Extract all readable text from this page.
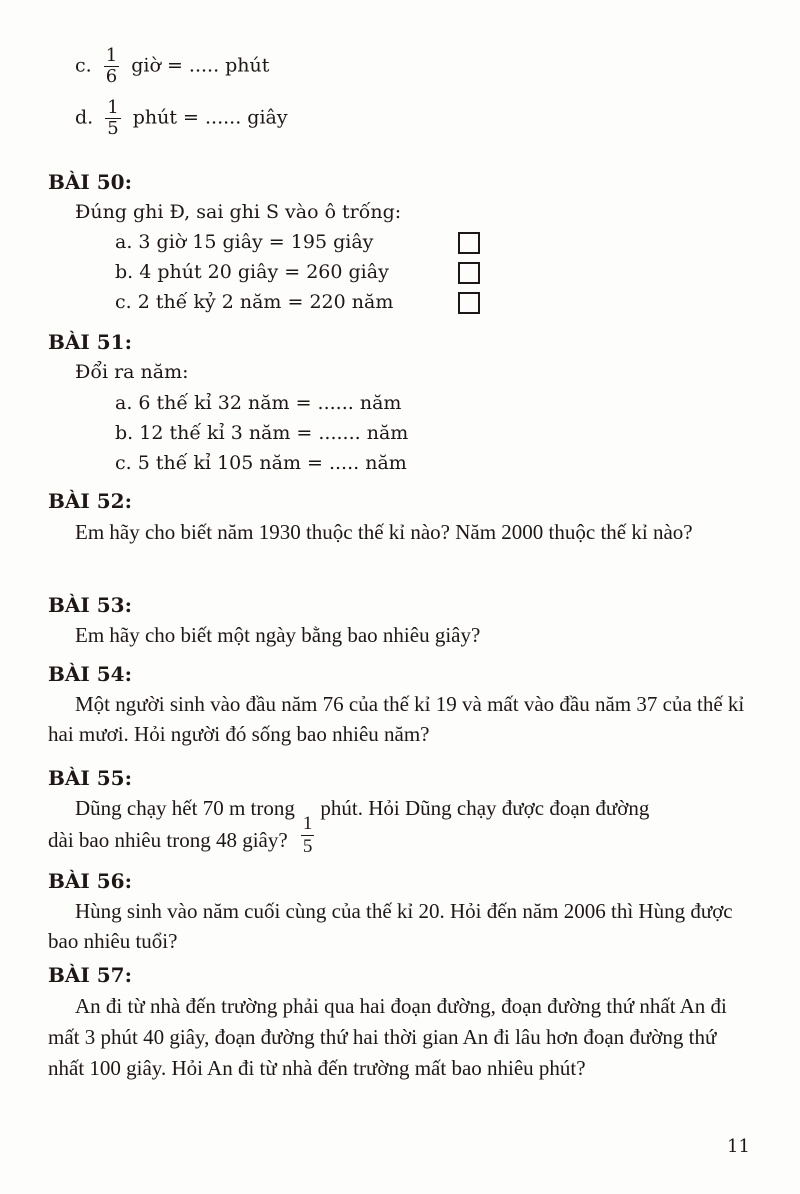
c. $\frac{1}{6}$ giờ = ..... phút
d. $\frac{1}{5}$ phút = ...... giây
BÀI 50:
Đúng ghi Đ, sai ghi S vào ô trống:
a. 3 giờ 15 giây = 195 giây
b. 4 phút 20 giây = 260 giây
c. 2 thế kỷ 2 năm = 220 năm
BÀI 51:
Đổi ra năm:
a. 6 thế kỉ 32 năm = ...... năm
b. 12 thế kỉ 3 năm = ....... năm
c. 5 thế kỉ 105 năm = ..... năm
BÀI 52:
Em hãy cho biết năm 1930 thuộc thế kỉ nào? Năm 2000 thuộc thế kỉ nào?
BÀI 53:
Em hãy cho biết một ngày bằng bao nhiêu giây?
BÀI 54:
Một người sinh vào đầu năm 76 của thế kỉ 19 và mất vào đầu năm 37 của thế kỉ hai mươi. Hỏi người đó sống bao nhiêu năm?
BÀI 55:
Dũng chạy hết 70 m trong
$\frac{1}{5}$
phút. Hỏi Dũng chạy được đoạn đường
dài bao nhiêu trong 48 giây?
BÀI 56:
Hùng sinh vào năm cuối cùng của thế kỉ 20. Hỏi đến năm 2006 thì Hùng được bao nhiêu tuổi?
BÀI 57:
An đi từ nhà đến trường phải qua hai đoạn đường, đoạn đường thứ nhất An đi mất 3 phút 40 giây, đoạn đường thứ hai thời gian An đi lâu hơn đoạn đường thứ nhất 100 giây. Hỏi An đi từ nhà đến trường mất bao nhiêu phút?
11
